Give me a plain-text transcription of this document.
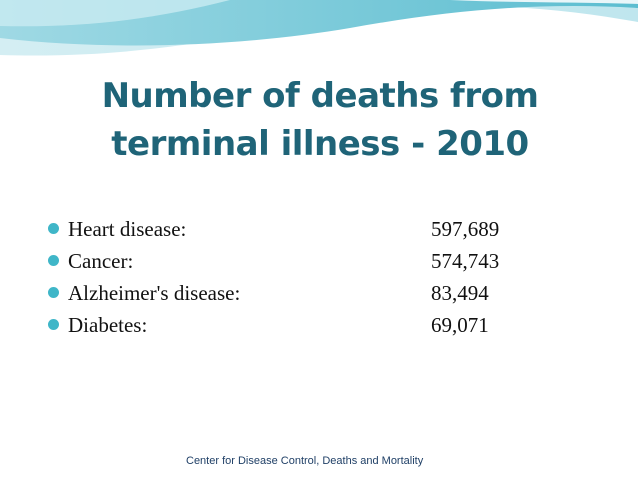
Number of deaths from
terminal illness - 2010
Heart disease:	597,689
Cancer:	574,743
Alzheimer's disease:	83,494
Diabetes:	69,071
Center for Disease Control, Deaths and Mortality
